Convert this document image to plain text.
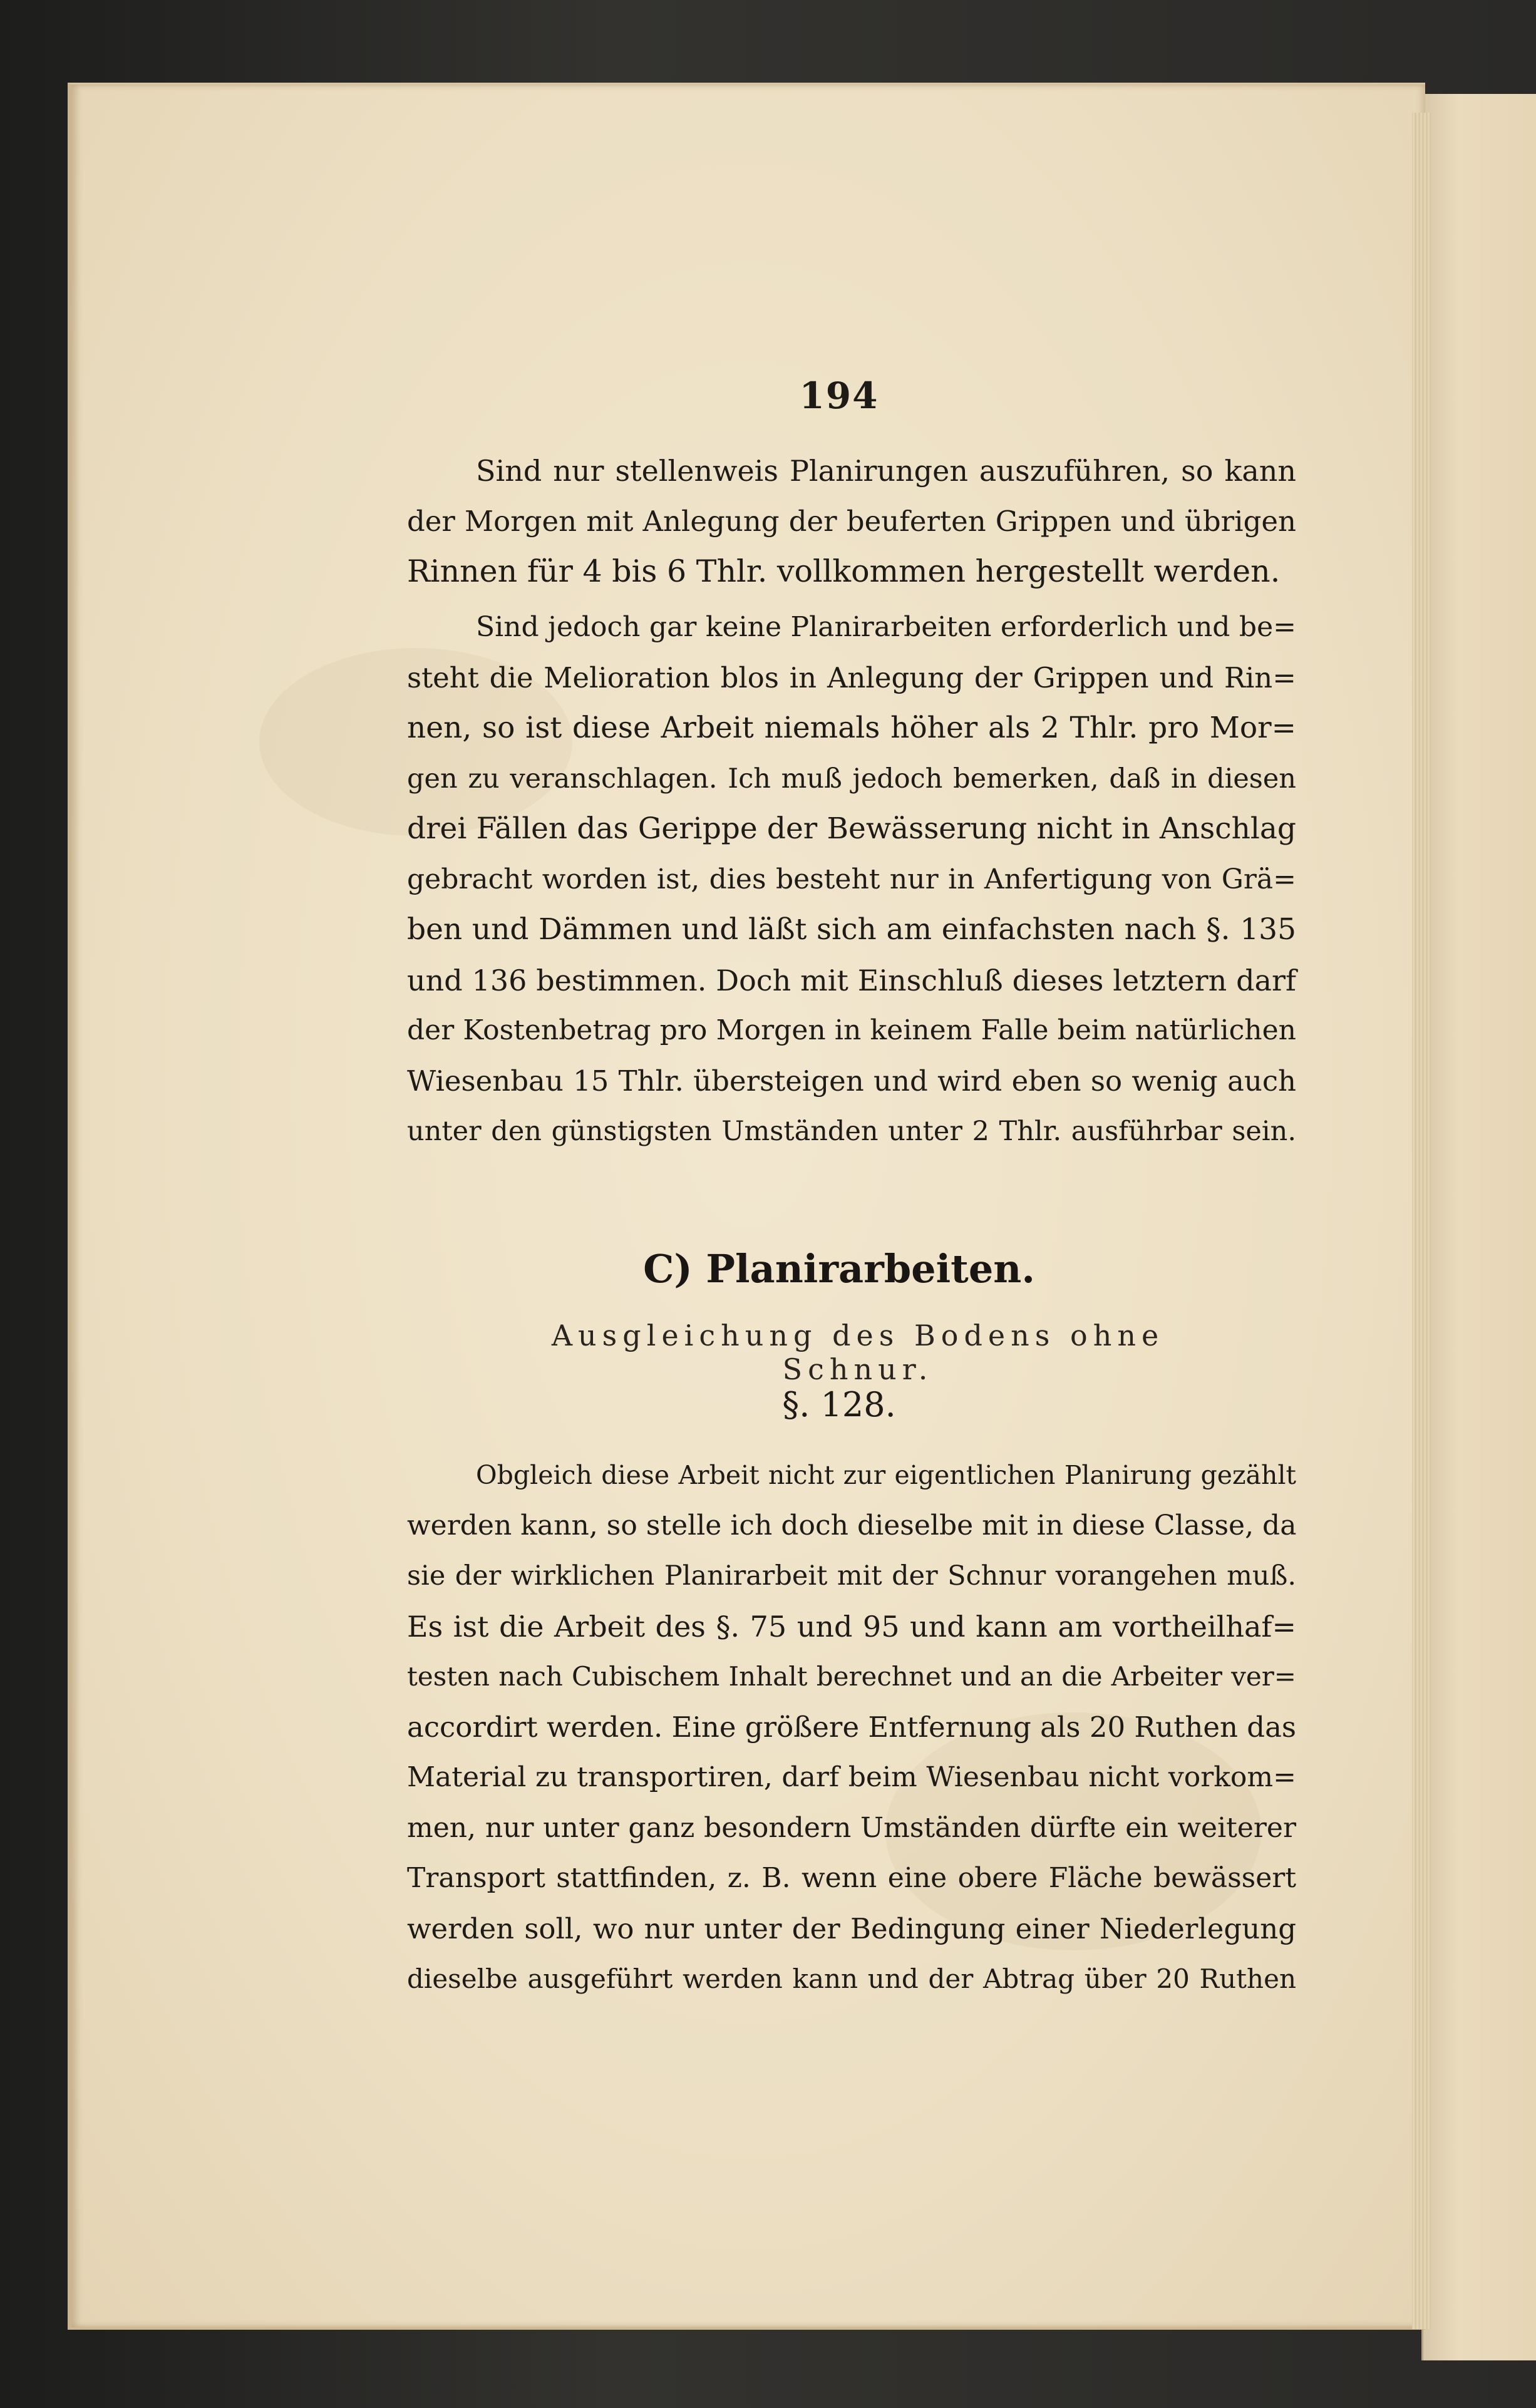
194
Sind nur stellenweis Planirungen auszuführen, so kann
der Morgen mit Anlegung der beuferten Grippen und übrigen
Rinnen für 4 bis 6 Thlr. vollkommen hergestellt werden.
Sind jedoch gar keine Planirarbeiten erforderlich und be=
steht die Melioration blos in Anlegung der Grippen und Rin=
nen, so ist diese Arbeit niemals höher als 2 Thlr. pro Mor=
gen zu veranschlagen. Ich muß jedoch bemerken, daß in diesen
drei Fällen das Gerippe der Bewässerung nicht in Anschlag
gebracht worden ist, dies besteht nur in Anfertigung von Grä=
ben und Dämmen und läßt sich am einfachsten nach §. 135
und 136 bestimmen. Doch mit Einschluß dieses letztern darf
der Kostenbetrag pro Morgen in keinem Falle beim natürlichen
Wiesenbau 15 Thlr. übersteigen und wird eben so wenig auch
unter den günstigsten Umständen unter 2 Thlr. ausführbar sein.
C) Planirarbeiten.
Ausgleichung des Bodens ohne Schnur.
§. 128.
Obgleich diese Arbeit nicht zur eigentlichen Planirung gezählt
werden kann, so stelle ich doch dieselbe mit in diese Classe, da
sie der wirklichen Planirarbeit mit der Schnur vorangehen muß.
Es ist die Arbeit des §. 75 und 95 und kann am vortheilhaf=
testen nach Cubischem Inhalt berechnet und an die Arbeiter ver=
accordirt werden. Eine größere Entfernung als 20 Ruthen das
Material zu transportiren, darf beim Wiesenbau nicht vorkom=
men, nur unter ganz besondern Umständen dürfte ein weiterer
Transport stattfinden, z. B. wenn eine obere Fläche bewässert
werden soll, wo nur unter der Bedingung einer Niederlegung
dieselbe ausgeführt werden kann und der Abtrag über 20 Ruthen
